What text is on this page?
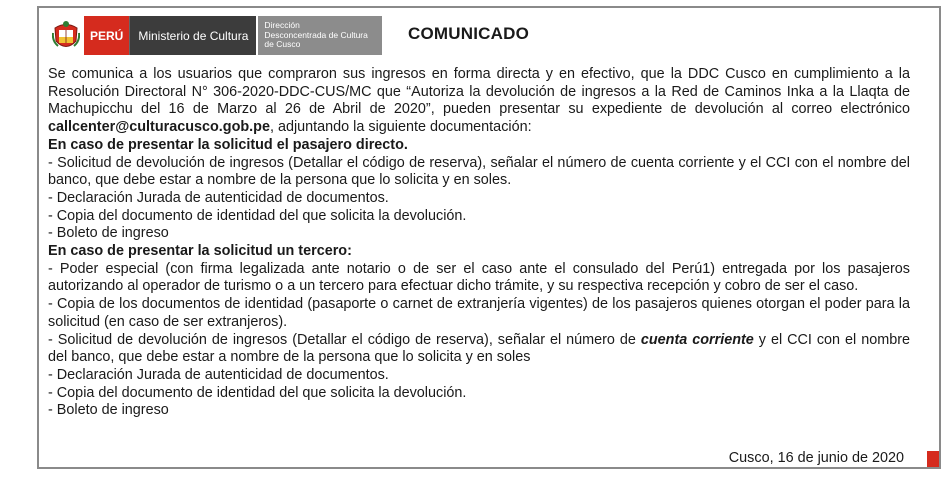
PERÚ	Ministerio de Cultura
Dirección
Desconcentrada de Cultura
de Cusco
COMUNICADO

Se comunica a los usuarios que compraron sus ingresos en forma directa y en efectivo, que la DDC Cusco en cumplimiento a la Resolución Directoral N° 306-2020-DDC-CUS/MC que “Autoriza la devolución de ingresos a la Red de Caminos Inka a la Llaqta de Machupicchu del 16 de Marzo al 26 de Abril de 2020”, pueden presentar su expediente de devolución al correo electrónico callcenter@culturacusco.gob.pe, adjuntando la siguiente documentación:

En caso de presentar la solicitud el pasajero directo.

- Solicitud de devolución de ingresos (Detallar el código de reserva), señalar el número de cuenta corriente y el CCI con el nombre del banco, que debe estar a nombre de la persona que lo solicita y en soles.

- Declaración Jurada de autenticidad de documentos.

- Copia del documento de identidad del que solicita la devolución.

- Boleto de ingreso

En caso de presentar la solicitud un tercero:

- Poder especial (con firma legalizada ante notario o de ser el caso ante el consulado del Perú1) entregada por los pasajeros autorizando al operador de turismo o a un tercero para efectuar dicho trámite, y su respectiva recepción y cobro de ser el caso.

- Copia de los documentos de identidad (pasaporte o carnet de extranjería vigentes) de los pasajeros quienes otorgan el poder para la solicitud (en caso de ser extranjeros).

- Solicitud de devolución de ingresos (Detallar el código de reserva), señalar el número de cuenta corriente y el CCI con el nombre del banco, que debe estar a nombre de la persona que lo solicita y en soles

- Declaración Jurada de autenticidad de documentos.

- Copia del documento de identidad del que solicita la devolución.

- Boleto de ingreso

Cusco, 16 de junio de 2020
